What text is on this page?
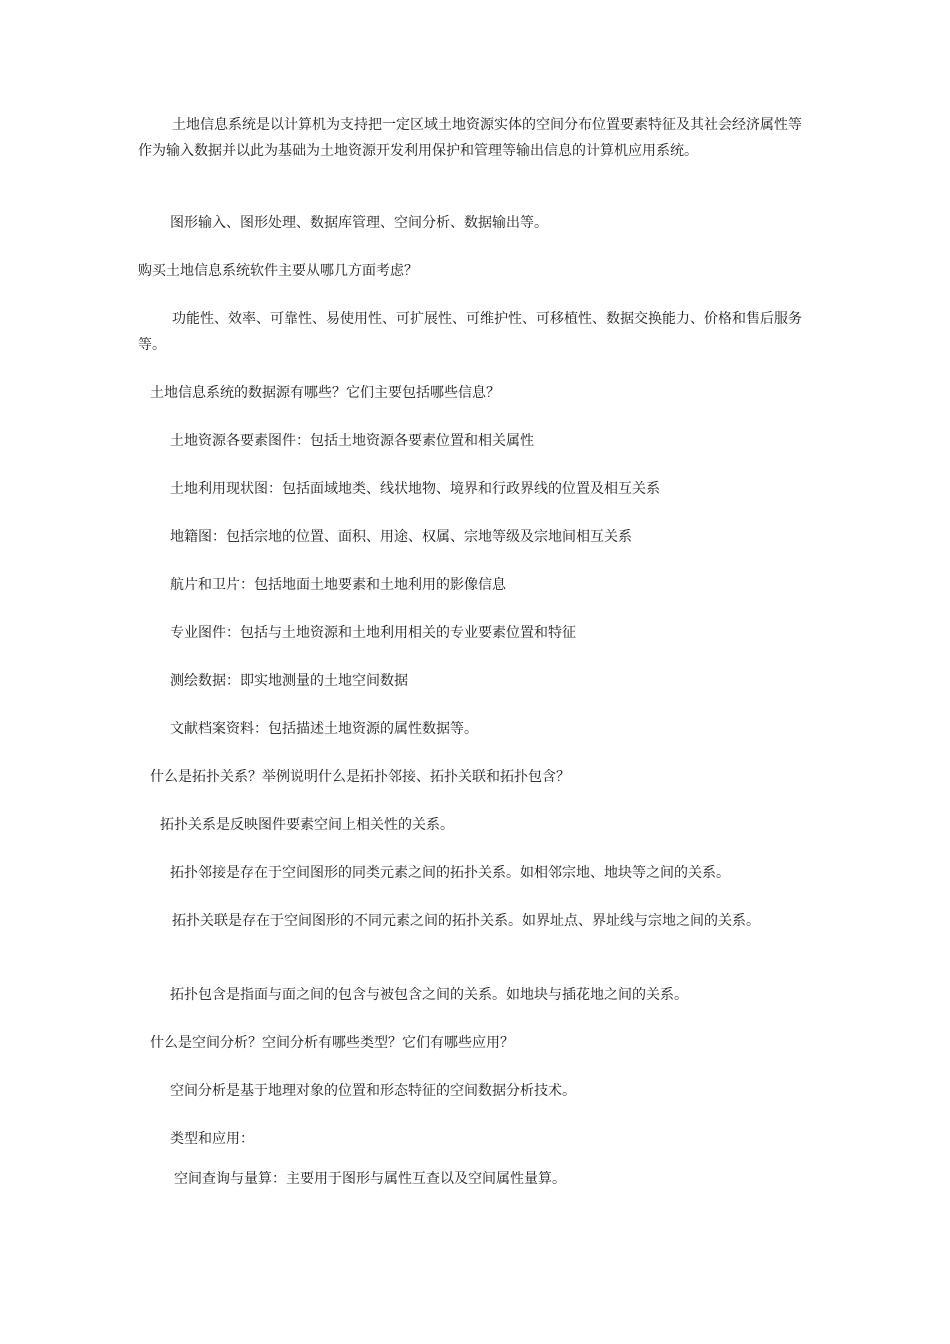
土地信息系统是以计算机为支持把一定区域土地资源实体的空间分布位置要素特征及其社会经济属性等作为输入数据并以此为基础为土地资源开发利用保护和管理等输出信息的计算机应用系统。
图形输入、图形处理、数据库管理、空间分析、数据输出等。
购买土地信息系统软件主要从哪几方面考虑？
功能性、效率、可靠性、易使用性、可扩展性、可维护性、可移植性、数据交换能力、价格和售后服务等。
土地信息系统的数据源有哪些？它们主要包括哪些信息？
土地资源各要素图件：包括土地资源各要素位置和相关属性
土地利用现状图：包括面域地类、线状地物、境界和行政界线的位置及相互关系
地籍图：包括宗地的位置、面积、用途、权属、宗地等级及宗地间相互关系
航片和卫片：包括地面土地要素和土地利用的影像信息
专业图件：包括与土地资源和土地利用相关的专业要素位置和特征
测绘数据：即实地测量的土地空间数据
文献档案资料：包括描述土地资源的属性数据等。
什么是拓扑关系？举例说明什么是拓扑邻接、拓扑关联和拓扑包含？
拓扑关系是反映图件要素空间上相关性的关系。
拓扑邻接是存在于空间图形的同类元素之间的拓扑关系。如相邻宗地、地块等之间的关系。
拓扑关联是存在于空间图形的不同元素之间的拓扑关系。如界址点、界址线与宗地之间的关系。
拓扑包含是指面与面之间的包含与被包含之间的关系。如地块与插花地之间的关系。
什么是空间分析？空间分析有哪些类型？它们有哪些应用？
空间分析是基于地理对象的位置和形态特征的空间数据分析技术。
类型和应用：
空间查询与量算：主要用于图形与属性互查以及空间属性量算。
